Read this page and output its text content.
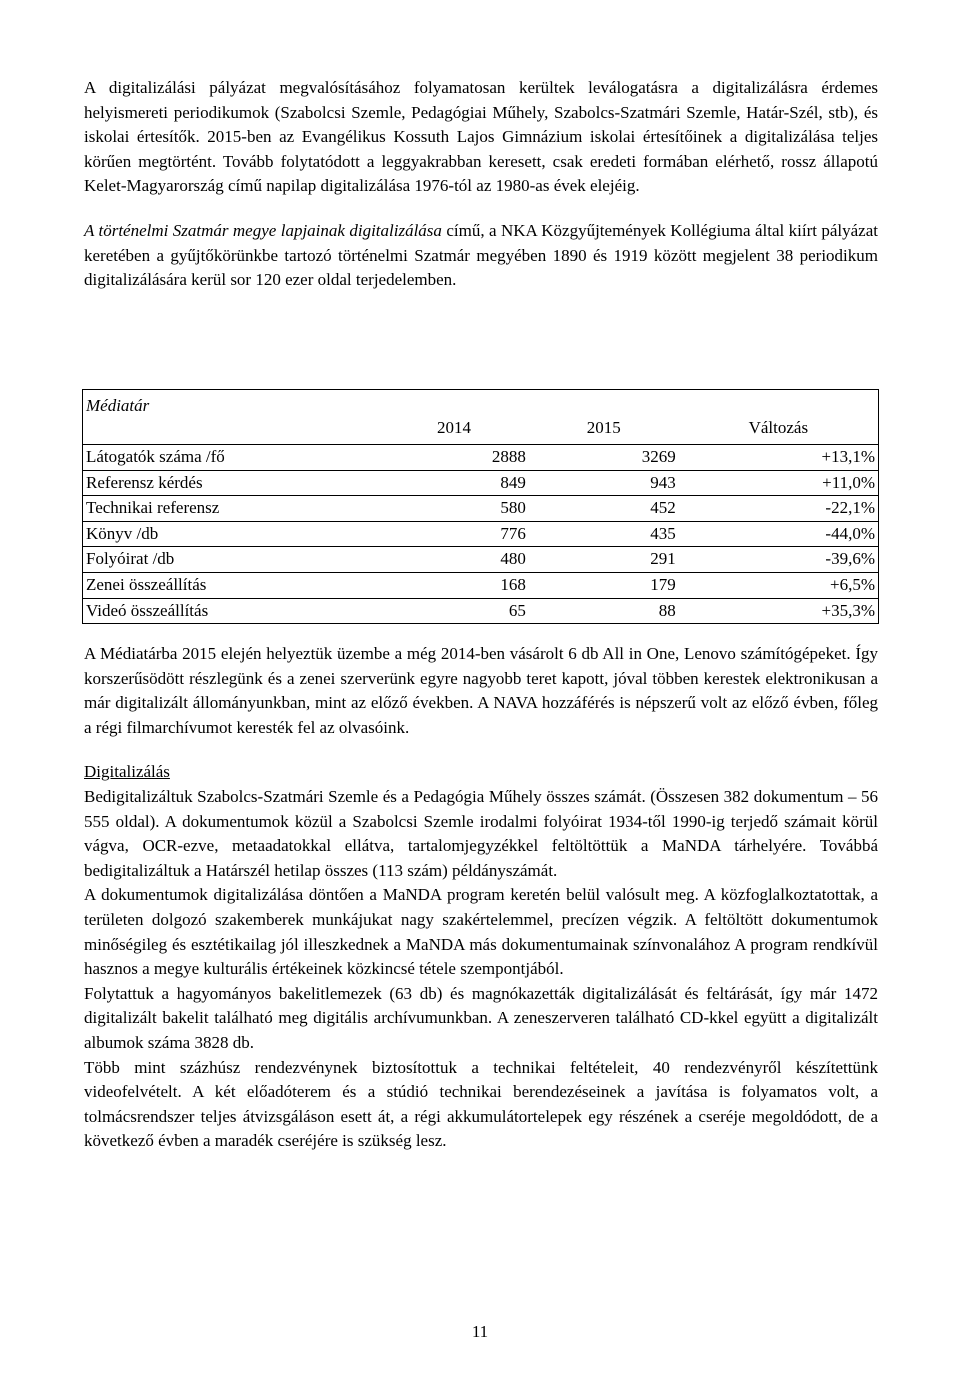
A digitalizálási pályázat megvalósításához folyamatosan kerültek leválogatásra a digitalizálásra érdemes helyismereti periodikumok (Szabolcsi Szemle, Pedagógiai Műhely, Szabolcs-Szatmári Szemle, Határ-Szél, stb), és iskolai értesítők. 2015-ben az Evangélikus Kossuth Lajos Gimnázium iskolai értesítőinek a digitalizálása teljes körűen megtörtént. Tovább folytatódott a leggyakrabban keresett, csak eredeti formában elérhető, rossz állapotú Kelet-Magyarország című napilap digitalizálása 1976-tól az 1980-as évek elejéig.

A történelmi Szatmár megye lapjainak digitalizálása című, a NKA Közgyűjtemények Kollégiuma által kiírt pályázat keretében a gyűjtőkörünkbe tartozó történelmi Szatmár megyében 1890 és 1919 között megjelent 38 periodikum digitalizálására kerül sor 120 ezer oldal terjedelemben.

Médiatár	2014	2015	Változás
Látogatók száma /fő	2888	3269	+13,1%
Referensz kérdés	849	943	+11,0%
Technikai referensz	580	452	-22,1%
Könyv /db	776	435	-44,0%
Folyóirat /db	480	291	-39,6%
Zenei összeállítás	168	179	+6,5%
Videó összeállítás	65	88	+35,3%

A Médiatárba 2015 elején helyeztük üzembe a még 2014-ben vásárolt 6 db All in One, Lenovo számítógépeket. Így korszerűsödött részlegünk és a zenei szerverünk egyre nagyobb teret kapott, jóval többen kerestek elektronikusan a már digitalizált állományunkban, mint az előző években. A NAVA hozzáférés is népszerű volt az előző évben, főleg a régi filmarchívumot keresték fel az olvasóink.

Digitalizálás

Bedigitalizáltuk Szabolcs-Szatmári Szemle és a Pedagógia Műhely összes számát. (Összesen 382 dokumentum – 56 555 oldal). A dokumentumok közül a Szabolcsi Szemle irodalmi folyóirat 1934-től 1990-ig terjedő számait körül vágva, OCR-ezve, metaadatokkal ellátva, tartalomjegyzékkel feltöltöttük a MaNDA tárhelyére. Továbbá bedigitalizáltuk a Határszél hetilap összes (113 szám) példányszámát.

A dokumentumok digitalizálása döntően a MaNDA program keretén belül valósult meg. A közfoglalkoztatottak, a területen dolgozó szakemberek munkájukat nagy szakértelemmel, precízen végzik. A feltöltött dokumentumok minőségileg és esztétikailag jól illeszkednek a MaNDA más dokumentumainak színvonalához A program rendkívül hasznos a megye kulturális értékeinek közkincsé tétele szempontjából.

Folytattuk a hagyományos bakelitlemezek (63 db) és magnókazetták digitalizálását és feltárását, így már 1472 digitalizált bakelit található meg digitális archívumunkban. A zeneszerveren található CD-kkel együtt a digitalizált albumok száma 3828 db.

Több mint százhúsz rendezvénynek biztosítottuk a technikai feltételeit, 40 rendezvényről készítettünk videofelvételt. A két előadóterem és a stúdió technikai berendezéseinek a javítása is folyamatos volt, a tolmácsrendszer teljes átvizsgáláson esett át, a régi akkumulátortelepek egy részének a cseréje megoldódott, de a következő évben a maradék cseréjére is szükség lesz.

11
